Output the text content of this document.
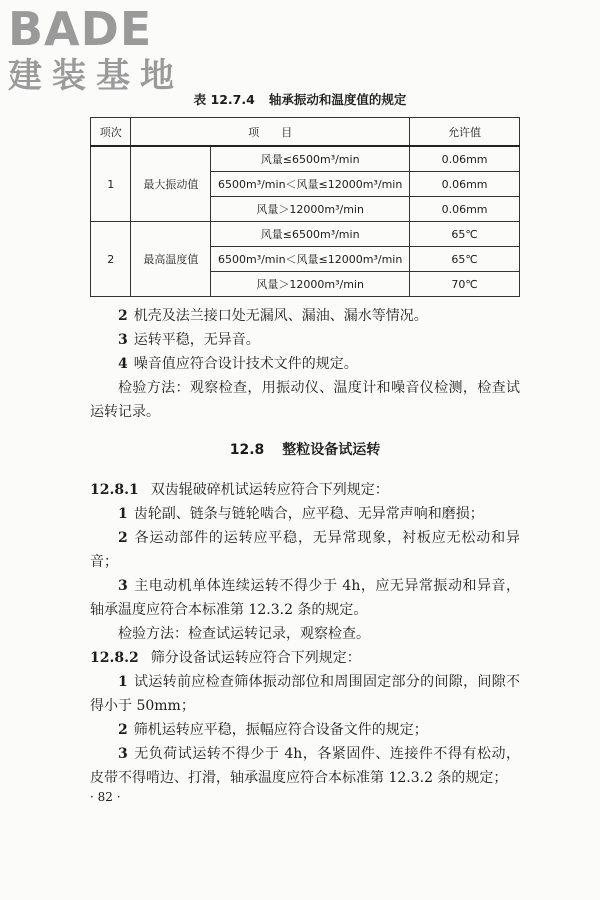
BADE
建装基地
表 12.7.4 轴承振动和温度值的规定
项次	项　　目		允许值
1	最大振动值	风量≤6500m³/min	0.06mm
		6500m³/min＜风量≤12000m³/min	0.06mm
		风量＞12000m³/min	0.06mm
2	最高温度值	风量≤6500m³/min	65℃
		6500m³/min＜风量≤12000m³/min	65℃
		风量＞12000m³/min	70℃

2 机壳及法兰接口处无漏风、漏油、漏水等情况。

3 运转平稳，无异音。

4 噪音值应符合设计技术文件的规定。

检验方法：观察检查，用振动仪、温度计和噪音仪检测，检查试运转记录。

12.8 整粒设备试运转

12.8.1 双齿辊破碎机试运转应符合下列规定：

1 齿轮副、链条与链轮啮合，应平稳、无异常声响和磨损；

2 各运动部件的运转应平稳，无异常现象，衬板应无松动和异音；

3 主电动机单体连续运转不得少于 4h，应无异常振动和异音，轴承温度应符合本标准第 12.3.2 条的规定。

检验方法：检查试运转记录，观察检查。

12.8.2 筛分设备试运转应符合下列规定：

1 试运转前应检查筛体振动部位和周围固定部分的间隙，间隙不得小于 50mm；

2 筛机运转应平稳，振幅应符合设备文件的规定；

3 无负荷试运转不得少于 4h，各紧固件、连接件不得有松动，皮带不得啃边、打滑，轴承温度应符合本标准第 12.3.2 条的规定；

· 82 ·
